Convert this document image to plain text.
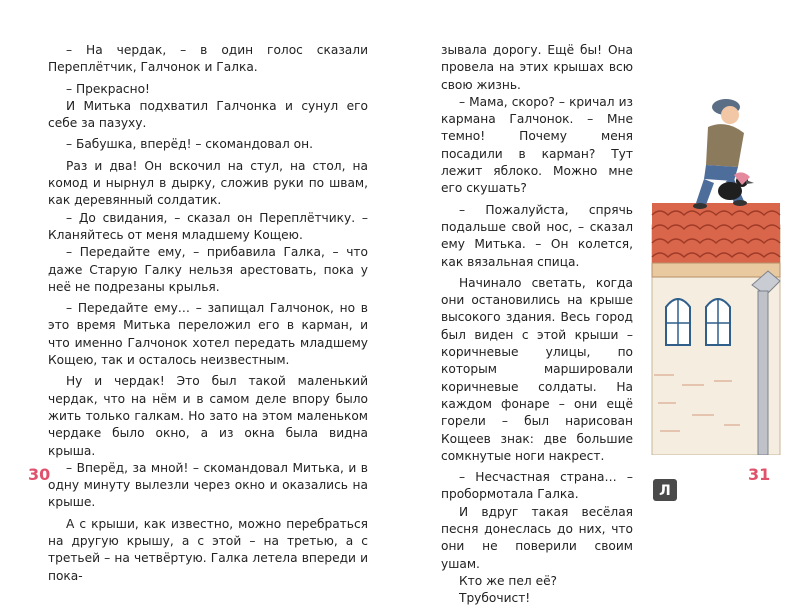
– На чердак, – в один голос сказали Переплётчик, Галчонок и Галка.

– Прекрасно!

И Митька подхватил Галчонка и сунул его себе за пазуху.

– Бабушка, вперёд! – скомандовал он.

Раз и два! Он вскочил на стул, на стол, на комод и нырнул в дырку, сложив руки по швам, как деревянный солдатик.

– До свидания, – сказал он Переплётчику. – Кланяйтесь от меня младшему Кощею.

– Передайте ему, – прибавила Галка, – что даже Старую Галку нельзя арестовать, пока у неё не подрезаны крылья.

– Передайте ему… – запищал Галчонок, но в это время Митька переложил его в карман, и что именно Галчонок хотел передать младшему Кощею, так и осталось неизвестным.

Ну и чердак! Это был такой маленький чердак, что на нём и в самом деле впору было жить только галкам. Но зато на этом маленьком чердаке было окно, а из окна была видна крыша.

– Вперёд, за мной! – скомандовал Митька, и в одну минуту вылезли через окно и оказались на крыше.

А с крыши, как известно, можно перебраться на другую крышу, а с этой – на третью, а с третьей – на четвёртую. Галка летела впереди и пока-

30

зывала дорогу. Ещё бы! Она провела на этих крышах всю свою жизнь.

– Мама, скоро? – кричал из кармана Галчонок. – Мне темно! Почему меня посадили в карман? Тут лежит яблоко. Можно мне его скушать?

– Пожалуйста, спрячь подальше свой нос, – сказал ему Митька. – Он колется, как вязальная спица.

Начинало светать, когда они остановились на крыше высокого здания. Весь город был виден с этой крыши – коричневые улицы, по которым маршировали коричневые солдаты. На каждом фонаре – они ещё горели – был нарисован Кощеев знак: две большие сомкнутые ноги накрест.

– Несчастная страна… – пробормотала Галка.

И вдруг такая весёлая песня донеслась до них, что они не поверили своим ушам.

Кто же пел её?

Трубочист!

31
Л
